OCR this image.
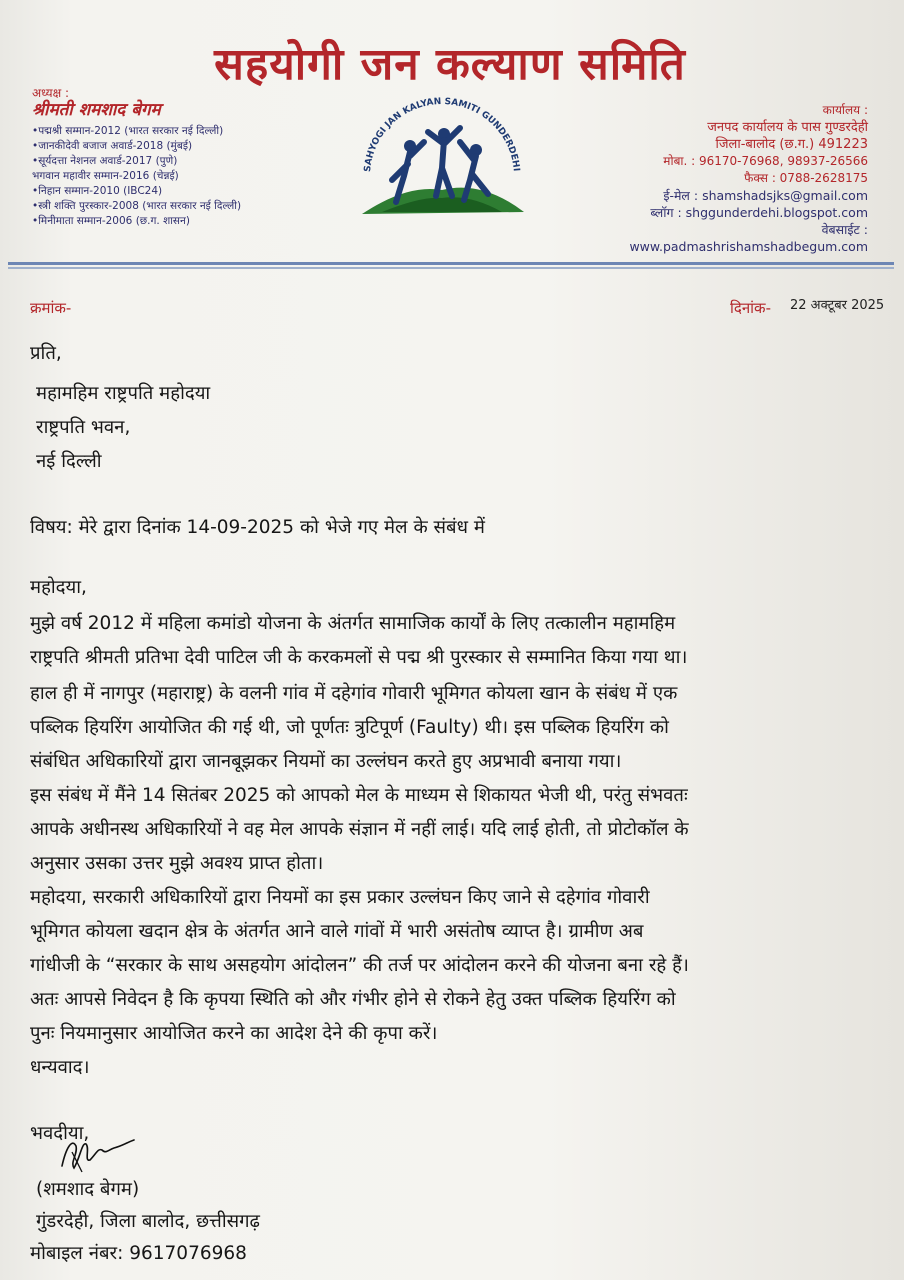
सहयोगी जन कल्याण समिति
अध्यक्ष :
श्रीमती शमशाद बेगम
•पद्मश्री सम्मान-2012 (भारत सरकार नई दिल्ली)
•जानकीदेवी बजाज अवार्ड-2018 (मुंबई)
•सूर्यदत्ता नेशनल अवार्ड-2017 (पुणे)
भगवान महावीर सम्मान-2016 (चेन्नई)
•निहान सम्मान-2010 (IBC24)
•स्त्री शक्ति पुरस्कार-2008 (भारत सरकार नई दिल्ली)
•मिनीमाता सम्मान-2006 (छ.ग. शासन)
SAHYOGI JAN KALYAN SAMITI GUNDERDEHI
कार्यालय :
जनपद कार्यालय के पास गुण्डरदेही
जिला-बालोद (छ.ग.) 491223
मोबा. : 96170-76968, 98937-26566
फैक्स : 0788-2628175
ई-मेल : shamshadsjks@gmail.com
ब्लॉग : shggunderdehi.blogspot.com
वेबसाईट : www.padmashrishamshadbegum.com
क्रमांक-	दिनांक- 22 अक्टूबर 2025
प्रति,
महामहिम राष्ट्रपति महोदया
राष्ट्रपति भवन,
नई दिल्ली
विषय: मेरे द्वारा दिनांक 14-09-2025 को भेजे गए मेल के संबंध में
महोदया,
मुझे वर्ष 2012 में महिला कमांडो योजना के अंतर्गत सामाजिक कार्यों के लिए तत्कालीन महामहिम
राष्ट्रपति श्रीमती प्रतिभा देवी पाटिल जी के करकमलों से पद्म श्री पुरस्कार से सम्मानित किया गया था।
हाल ही में नागपुर (महाराष्ट्र) के वलनी गांव में दहेगांव गोवारी भूमिगत कोयला खान के संबंध में एक
पब्लिक हियरिंग आयोजित की गई थी, जो पूर्णतः त्रुटिपूर्ण (Faulty) थी। इस पब्लिक हियरिंग को
संबंधित अधिकारियों द्वारा जानबूझकर नियमों का उल्लंघन करते हुए अप्रभावी बनाया गया।
इस संबंध में मैंने 14 सितंबर 2025 को आपको मेल के माध्यम से शिकायत भेजी थी, परंतु संभवतः
आपके अधीनस्थ अधिकारियों ने वह मेल आपके संज्ञान में नहीं लाई। यदि लाई होती, तो प्रोटोकॉल के
अनुसार उसका उत्तर मुझे अवश्य प्राप्त होता।
महोदया, सरकारी अधिकारियों द्वारा नियमों का इस प्रकार उल्लंघन किए जाने से दहेगांव गोवारी
भूमिगत कोयला खदान क्षेत्र के अंतर्गत आने वाले गांवों में भारी असंतोष व्याप्त है। ग्रामीण अब
गांधीजी के “सरकार के साथ असहयोग आंदोलन” की तर्ज पर आंदोलन करने की योजना बना रहे हैं।
अतः आपसे निवेदन है कि कृपया स्थिति को और गंभीर होने से रोकने हेतु उक्त पब्लिक हियरिंग को
पुनः नियमानुसार आयोजित करने का आदेश देने की कृपा करें।
धन्यवाद।
भवदीया,
(शमशाद बेगम)
गुंडरदेही, जिला बालोद, छत्तीसगढ़
मोबाइल नंबर: 9617076968
